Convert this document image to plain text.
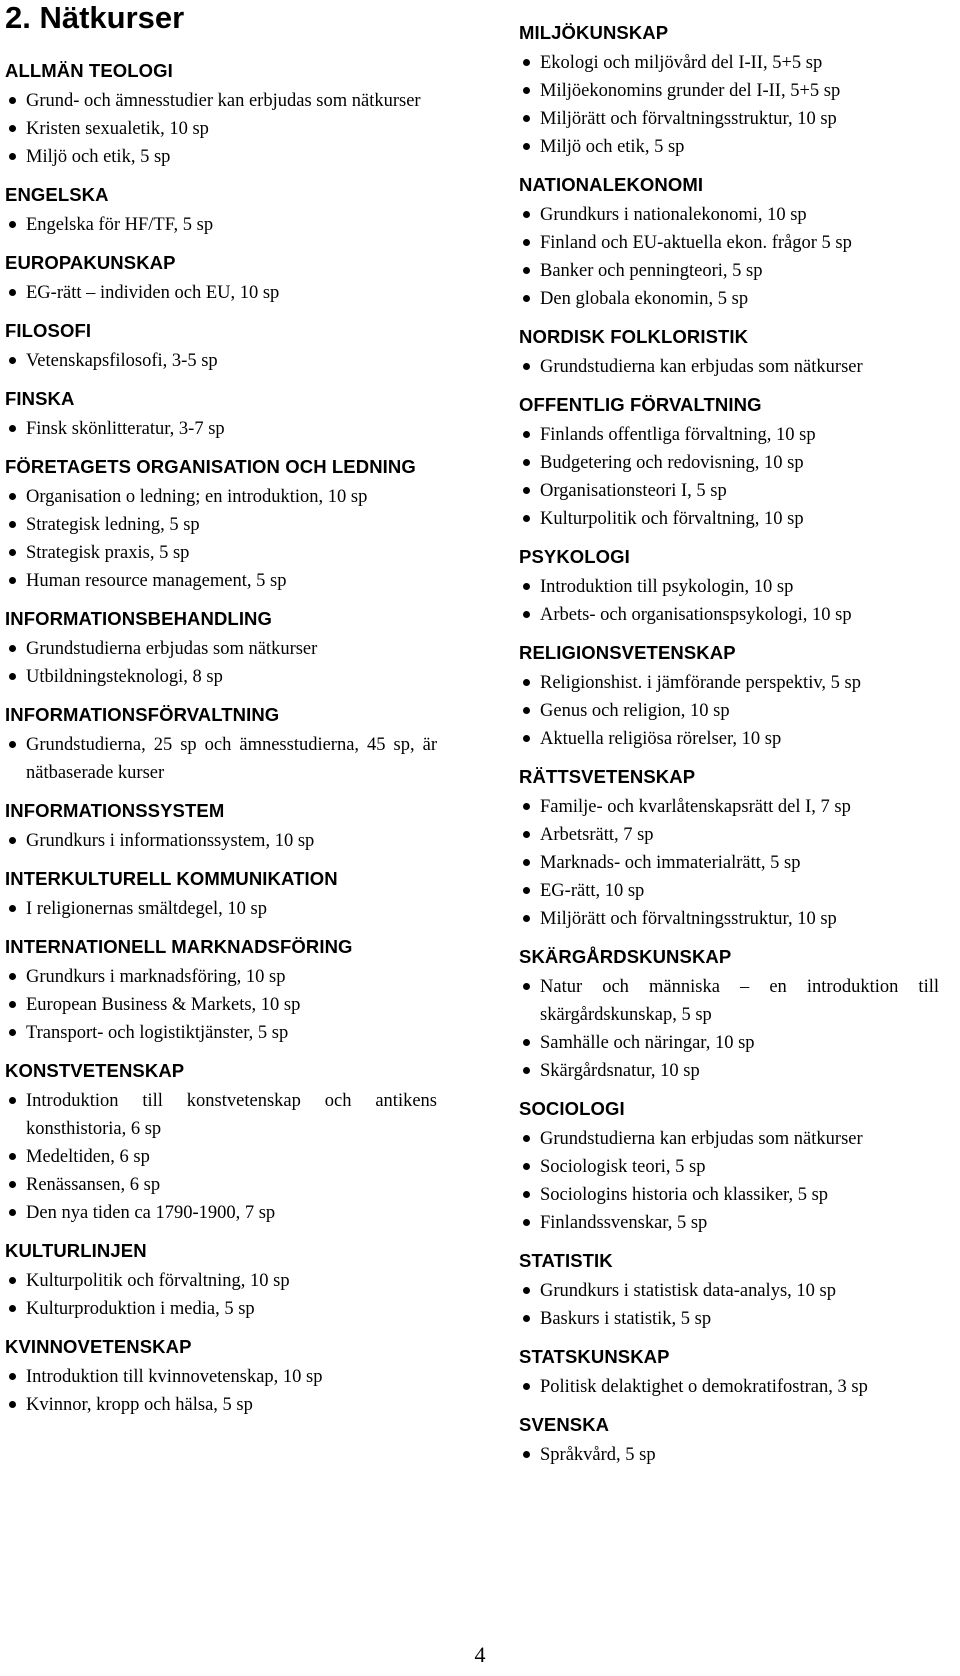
2. Nätkurser
ALLMÄN TEOLOGI
Grund- och ämnesstudier kan erbjudas som nätkurser
Kristen sexualetik, 10 sp
Miljö och etik, 5 sp
ENGELSKA
Engelska för HF/TF, 5 sp
EUROPAKUNSKAP
EG-rätt – individen och EU, 10 sp
FILOSOFI
Vetenskapsfilosofi, 3-5 sp
FINSKA
Finsk skönlitteratur, 3-7 sp
FÖRETAGETS ORGANISATION OCH LEDNING
Organisation o ledning; en introduktion, 10 sp
Strategisk ledning, 5 sp
Strategisk praxis, 5 sp
Human resource management, 5 sp
INFORMATIONSBEHANDLING
Grundstudierna erbjudas som nätkurser
Utbildningsteknologi, 8 sp
INFORMATIONSFÖRVALTNING
Grundstudierna, 25 sp och ämnesstudierna, 45 sp, är nätbaserade kurser
INFORMATIONSSYSTEM
Grundkurs i informationssystem, 10 sp
INTERKULTURELL KOMMUNIKATION
I religionernas smältdegel, 10 sp
INTERNATIONELL MARKNADSFÖRING
Grundkurs i marknadsföring, 10 sp
European Business & Markets, 10 sp
Transport- och logistiktjänster, 5 sp
KONSTVETENSKAP
Introduktion till konstvetenskap och antikens konsthistoria, 6 sp
Medeltiden, 6 sp
Renässansen, 6 sp
Den nya tiden ca 1790-1900, 7 sp
KULTURLINJEN
Kulturpolitik och förvaltning, 10 sp
Kulturproduktion i media, 5 sp
KVINNOVETENSKAP
Introduktion till kvinnovetenskap, 10 sp
Kvinnor, kropp och hälsa, 5 sp
MILJÖKUNSKAP
Ekologi och miljövård del I-II, 5+5 sp
Miljöekonomins grunder del I-II, 5+5 sp
Miljörätt och förvaltningsstruktur, 10 sp
Miljö och etik, 5 sp
NATIONALEKONOMI
Grundkurs i nationalekonomi, 10 sp
Finland och EU-aktuella ekon. frågor 5 sp
Banker och penningteori, 5 sp
Den globala ekonomin, 5 sp
NORDISK FOLKLORISTIK
Grundstudierna kan erbjudas som nätkurser
OFFENTLIG FÖRVALTNING
Finlands offentliga förvaltning, 10 sp
Budgetering och redovisning, 10 sp
Organisationsteori I, 5 sp
Kulturpolitik och förvaltning, 10 sp
PSYKOLOGI
Introduktion till psykologin, 10 sp
Arbets- och organisationspsykologi, 10 sp
RELIGIONSVETENSKAP
Religionshist. i jämförande perspektiv, 5 sp
Genus och religion, 10 sp
Aktuella religiösa rörelser, 10 sp
RÄTTSVETENSKAP
Familje- och kvarlåtenskapsrätt del I, 7 sp
Arbetsrätt, 7 sp
Marknads- och immaterialrätt, 5 sp
EG-rätt, 10 sp
Miljörätt och förvaltningsstruktur, 10 sp
SKÄRGÅRDSKUNSKAP
Natur och människa – en introduktion till skärgårdskunskap, 5 sp
Samhälle och näringar, 10 sp
Skärgårdsnatur, 10 sp
SOCIOLOGI
Grundstudierna kan erbjudas som nätkurser
Sociologisk teori, 5 sp
Sociologins historia och klassiker, 5 sp
Finlandssvenskar, 5 sp
STATISTIK
Grundkurs i statistisk data-analys, 10 sp
Baskurs i statistik, 5 sp
STATSKUNSKAP
Politisk delaktighet o demokratifostran, 3 sp
SVENSKA
Språkvård, 5 sp
4
